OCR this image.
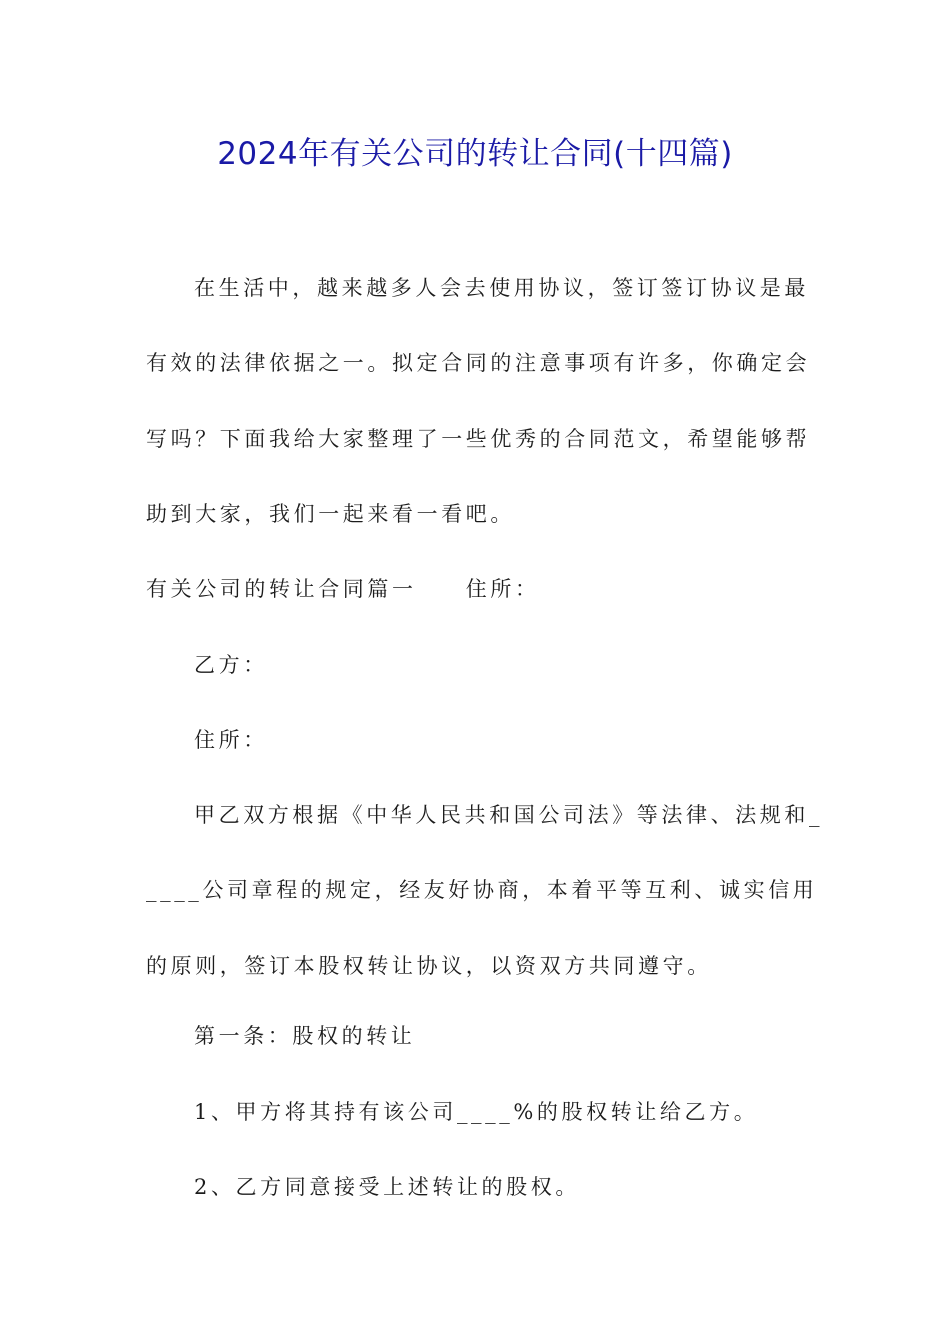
2024年有关公司的转让合同(十四篇)
在生活中，越来越多人会去使用协议，签订签订协议是最
有效的法律依据之一。拟定合同的注意事项有许多，你确定会
写吗？下面我给大家整理了一些优秀的合同范文，希望能够帮
助到大家，我们一起来看一看吧。
有关公司的转让合同篇一　　住所：
乙方：
住所：
甲乙双方根据《中华人民共和国公司法》等法律、法规和_
____公司章程的规定，经友好协商，本着平等互利、诚实信用
的原则，签订本股权转让协议，以资双方共同遵守。
第一条：股权的转让
1、甲方将其持有该公司____%的股权转让给乙方。
2、乙方同意接受上述转让的股权。
